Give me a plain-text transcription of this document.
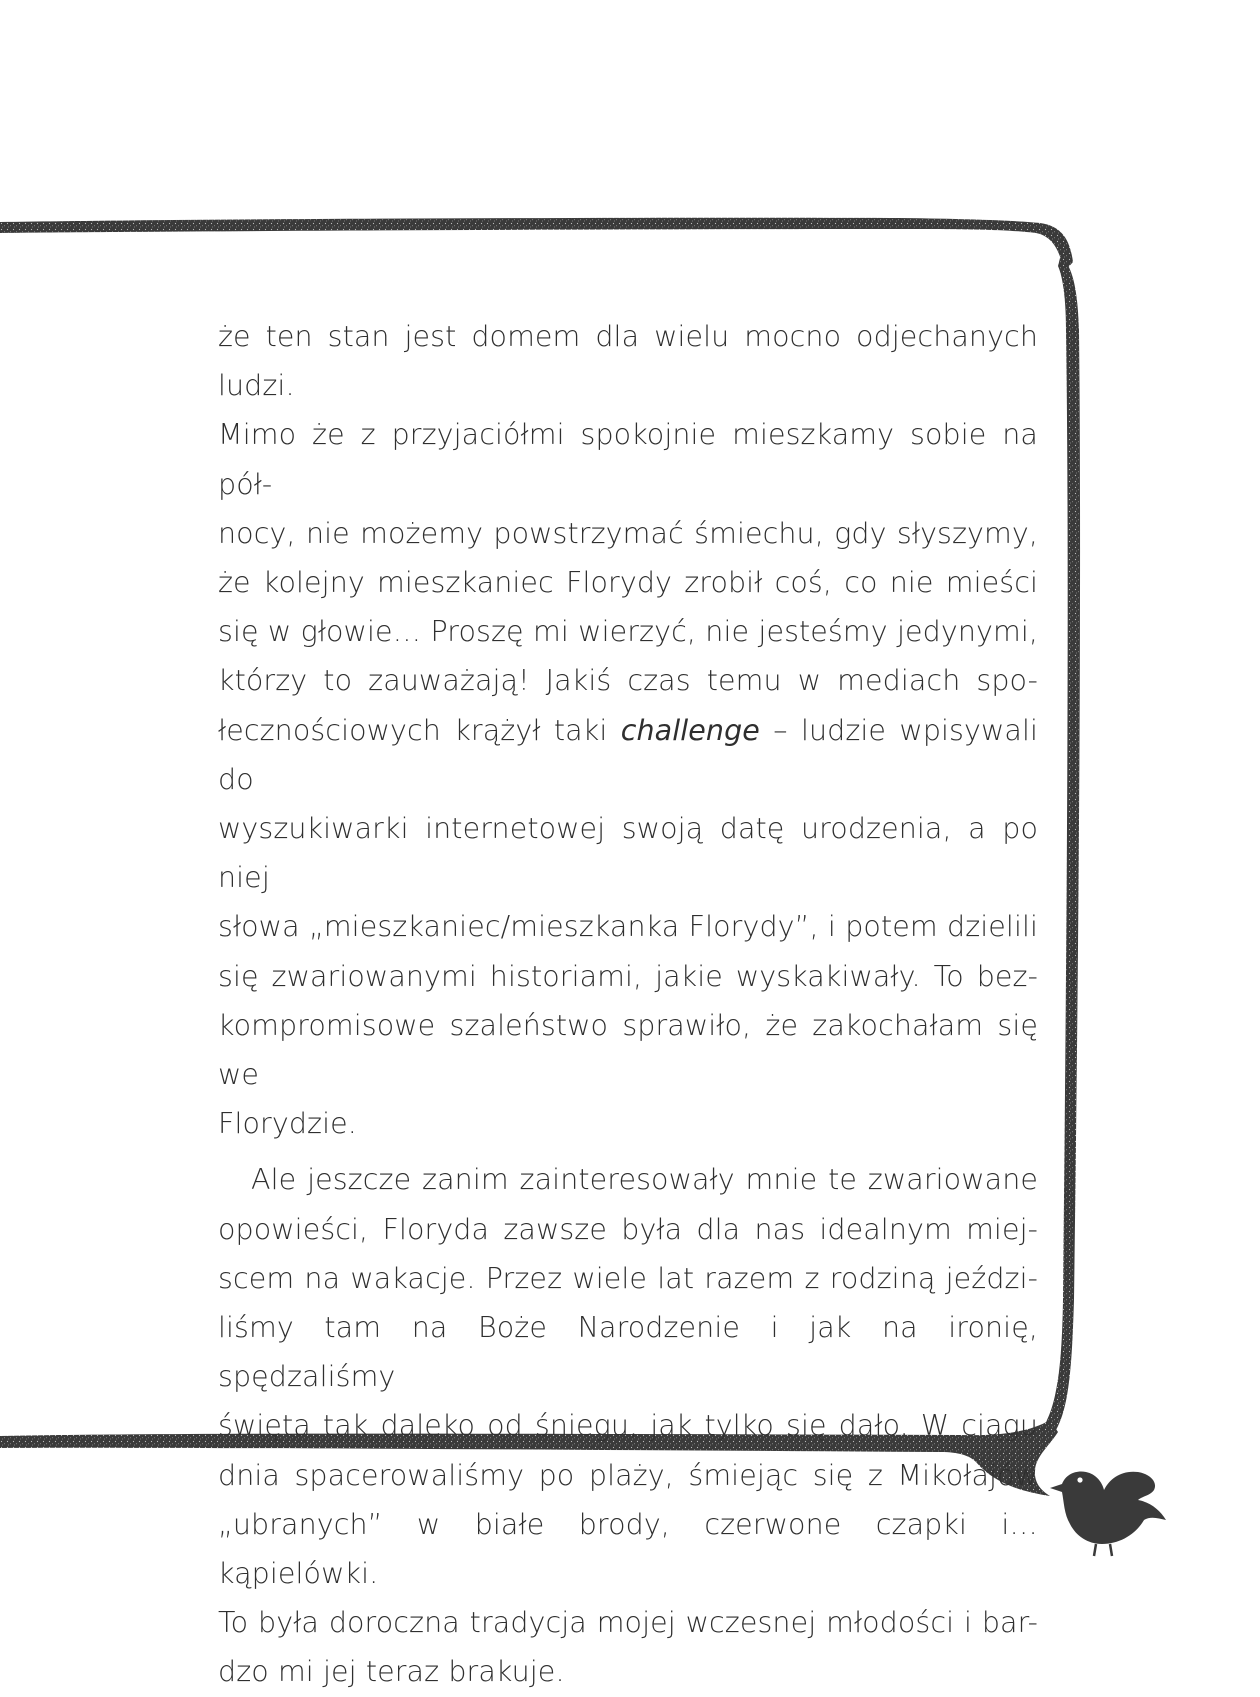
że ten stan jest domem dla wielu mocno odjechanych ludzi.
Mimo że z przyjaciółmi spokojnie mieszkamy sobie na pół-
nocy, nie możemy powstrzymać śmiechu, gdy słyszymy,
że kolejny mieszkaniec Florydy zrobił coś, co nie mieści
się w głowie… Proszę mi wierzyć, nie jesteśmy jedynymi,
którzy to zauważają! Jakiś czas temu w mediach spo-
łecznościowych krążył taki challenge – ludzie wpisywali do
wyszukiwarki internetowej swoją datę urodzenia, a po niej
słowa „mieszkaniec/mieszkanka Florydy”, i potem dzielili
się zwariowanymi historiami, jakie wyskakiwały. To bez-
kompromisowe szaleństwo sprawiło, że zakochałam się we
Florydzie.
Ale jeszcze zanim zainteresowały mnie te zwariowane
opowieści, Floryda zawsze była dla nas idealnym miej-
scem na wakacje. Przez wiele lat razem z rodziną jeździ-
liśmy tam na Boże Narodzenie i jak na ironię, spędzaliśmy
święta tak daleko od śniegu, jak tylko się dało. W ciągu
dnia spacerowaliśmy po plaży, śmiejąc się z Mikołajów
„ubranych” w białe brody, czerwone czapki i… kąpielówki.
To była doroczna tradycja mojej wczesnej młodości i bar-
dzo mi jej teraz brakuje.
